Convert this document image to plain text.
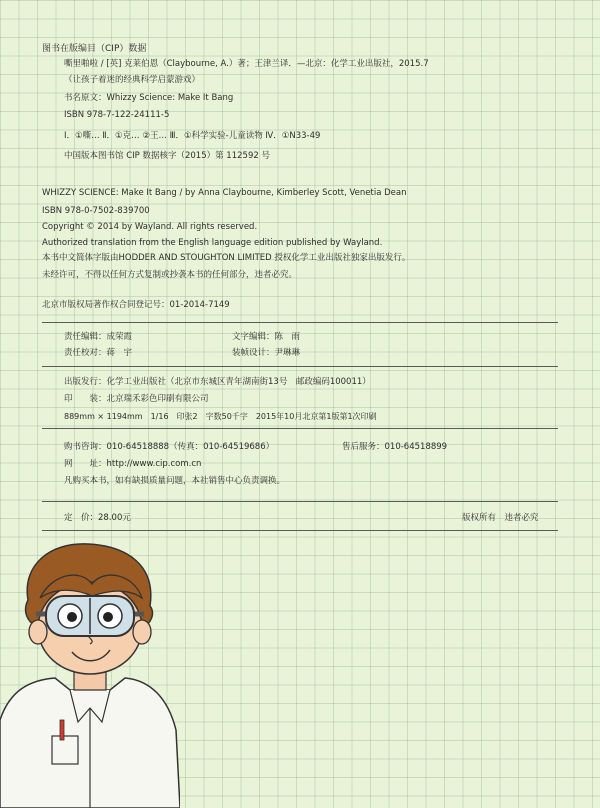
图书在版编目（CIP）数据
嘶里啪啦 / [英] 克莱伯恩（Claybourne, A.）著；王津兰译．—北京：化学工业出版社，2015.7
（让孩子着迷的经典科学启蒙游戏）
书名原文：Whizzy Science: Make It Bang
ISBN 978-7-122-24111-5
Ⅰ．①嘶… Ⅱ．①克… ②王… Ⅲ．①科学实验-儿童读物 Ⅳ．①N33-49
中国版本图书馆 CIP 数据核字（2015）第 112592 号
WHIZZY SCIENCE: Make It Bang / by Anna Claybourne, Kimberley Scott, Venetia Dean
ISBN 978-0-7502-839700
Copyright © 2014 by Wayland. All rights reserved.
Authorized translation from the English language edition published by Wayland.
本书中文简体字版由HODDER AND STOUGHTON LIMITED 授权化学工业出版社独家出版发行。
未经许可，不得以任何方式复制或抄袭本书的任何部分，违者必究。
北京市版权局著作权合同登记号：01-2014-7149
责任编辑：成荣霞	文字编辑：陈　雨
责任校对：蒋　宇	装帧设计：尹琳琳
出版发行：化学工业出版社（北京市东城区青年湖南街13号　邮政编码100011）
印　　装：北京瑞禾彩色印刷有限公司
889mm × 1194mm　1/16　印张2　字数50千字　2015年10月北京第1版第1次印刷
购书咨询：010-64518888（传真：010-64519686）	售后服务：010-64518899
网　　址：http://www.cip.com.cn
凡购买本书，如有缺损质量问题，本社销售中心负责调换。
定　价：28.00元	版权所有　违者必究
